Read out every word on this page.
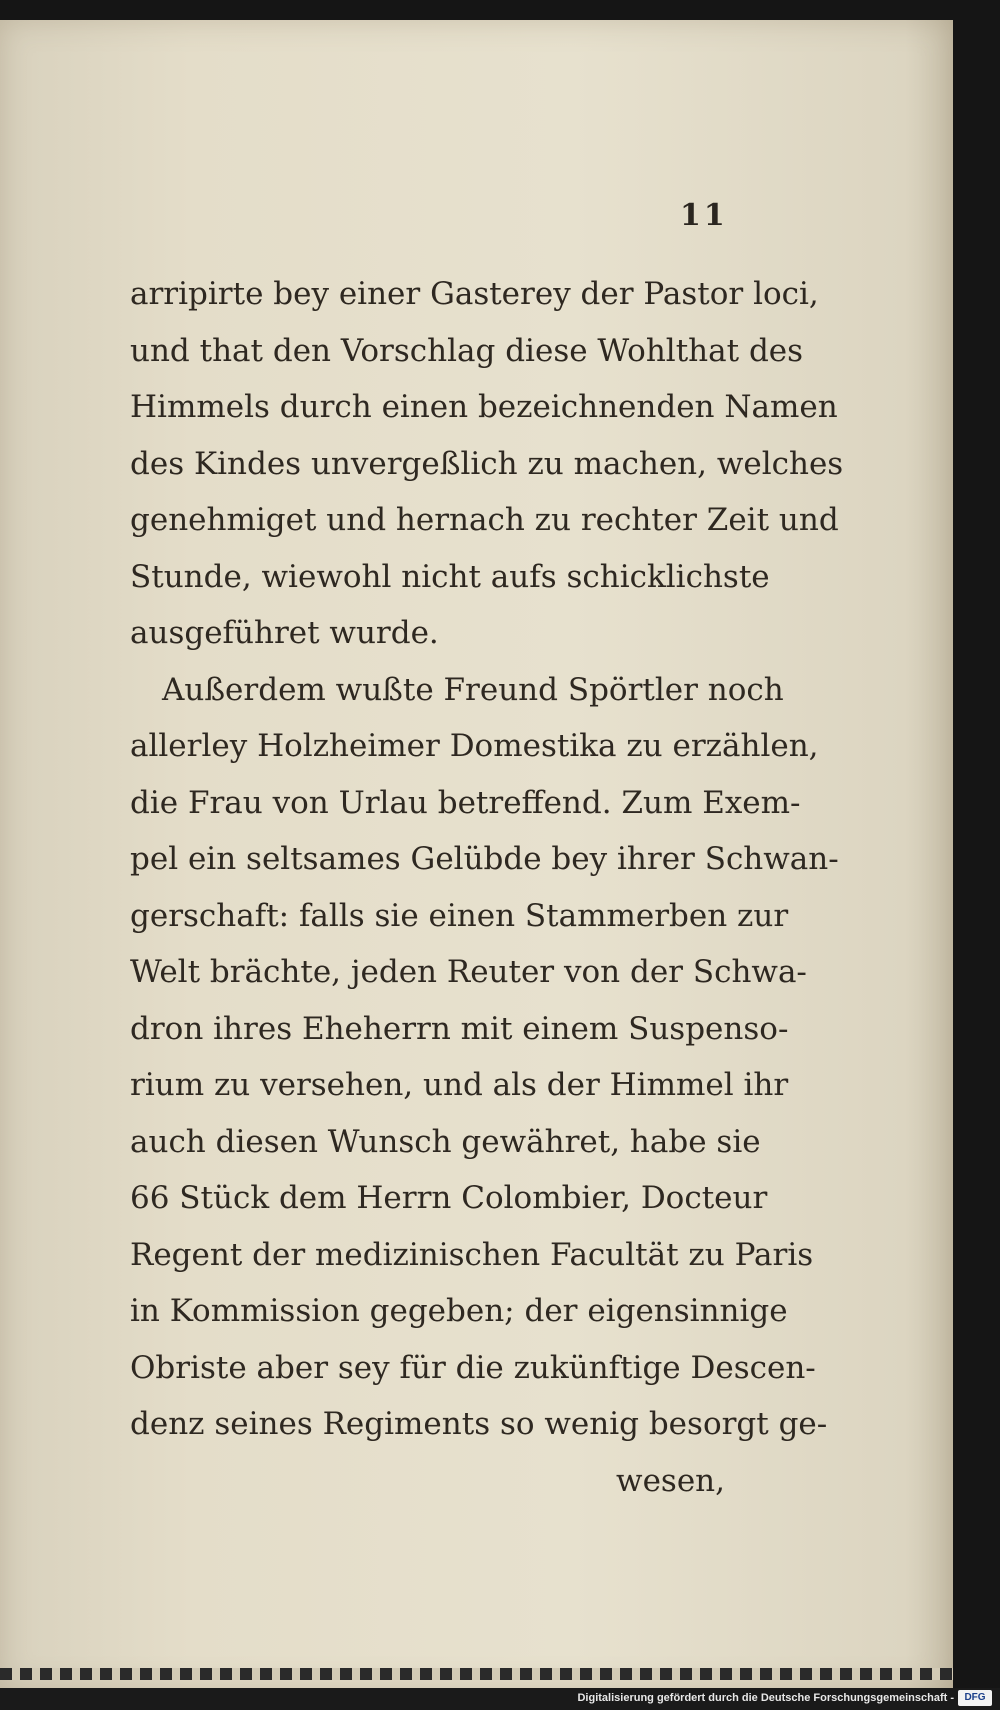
11
arripirte bey einer Gasterey der Pastor loci,
und that den Vorschlag diese Wohlthat des
Himmels durch einen bezeichnenden Namen
des Kindes unvergeßlich zu machen, welches
genehmiget und hernach zu rechter Zeit und
Stunde, wiewohl nicht aufs schicklichste
ausgeführet wurde.
Außerdem wußte Freund Spörtler noch
allerley Holzheimer Domestika zu erzählen,
die Frau von Urlau betreffend. Zum Exem-
pel ein seltsames Gelübde bey ihrer Schwan-
gerschaft: falls sie einen Stammerben zur
Welt brächte, jeden Reuter von der Schwa-
dron ihres Eheherrn mit einem Suspenso-
rium zu versehen, und als der Himmel ihr
auch diesen Wunsch gewähret, habe sie
66 Stück dem Herrn Colombier, Docteur
Regent der medizinischen Facultät zu Paris
in Kommission gegeben; der eigensinnige
Obriste aber sey für die zukünftige Descen-
denz seines Regiments so wenig besorgt ge-
wesen,
Digitalisierung gefördert durch die Deutsche Forschungsgemeinschaft -	DFG
